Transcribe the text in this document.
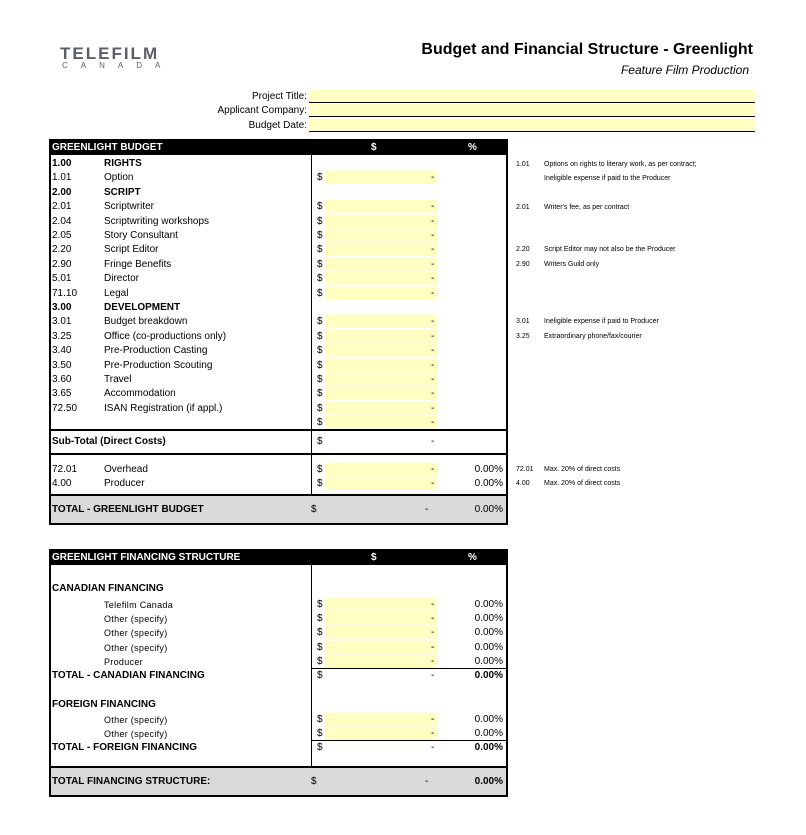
TELEFILM
CANADA
Budget and Financial Structure - Greenlight
Feature Film Production
Project Title:
Applicant Company:
Budget Date:
GREENLIGHT BUDGET	$	%
1.00	RIGHTS
1.01	Option	$	-
2.00	SCRIPT
2.01	Scriptwriter	$	-
2.04	Scriptwriting workshops	$	-
2.05	Story Consultant	$	-
2.20	Script Editor	$	-
2.90	Fringe Benefits	$	-
5.01	Director	$	-
71.10	Legal	$	-
3.00	DEVELOPMENT
3.01	Budget breakdown	$	-
3.25	Office (co-productions only)	$	-
3.40	Pre-Production Casting	$	-
3.50	Pre-Production Scouting	$	-
3.60	Travel	$	-
3.65	Accommodation	$	-
72.50	ISAN Registration (if appl.)	$	-
$	-
Sub-Total (Direct Costs)	$	-
72.01	Overhead	$	-	0.00%
4.00	Producer	$	-	0.00%
TOTAL - GREENLIGHT BUDGET	$	-	0.00%
1.01 Options on rights to literary work, as per contract;
Ineligible expense if paid to the Producer
2.01 Writer's fee, as per contract
2.20 Script Editor may not also be the Producer
2.90 Writers Guild only
3.01 Ineligible expense if paid to Producer
3.25 Extraordinary phone/fax/courier
72.01 Max. 20% of direct costs
4.00 Max. 20% of direct costs
GREENLIGHT FINANCING STRUCTURE	$	%
CANADIAN FINANCING
Telefilm Canada	$	-	0.00%
Other (specify)	$	-	0.00%
Other (specify)	$	-	0.00%
Other (specify)	$	-	0.00%
Producer	$	-	0.00%
TOTAL - CANADIAN FINANCING	$	-	0.00%
FOREIGN FINANCING
Other (specify)	$	-	0.00%
Other (specify)	$	-	0.00%
TOTAL - FOREIGN FINANCING	$	-	0.00%
TOTAL FINANCING STRUCTURE:	$	-	0.00%
